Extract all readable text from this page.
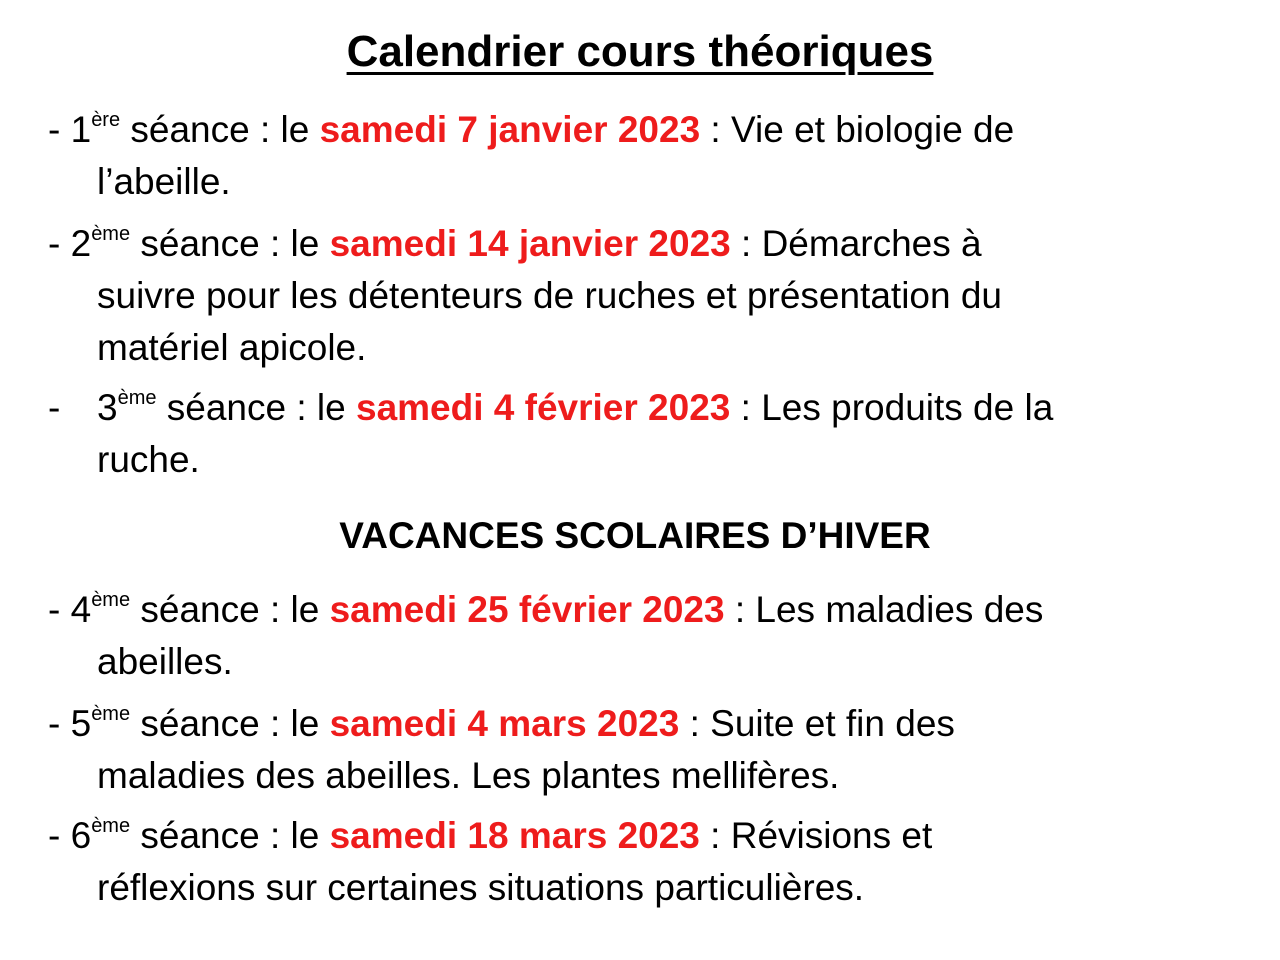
Calendrier cours théoriques
- 1ère séance : le samedi 7 janvier 2023 : Vie et biologie de
l’abeille.
- 2ème séance : le samedi 14 janvier 2023 : Démarches à
suivre pour les détenteurs de ruches et présentation du
matériel apicole.
- 3ème séance : le samedi 4 février 2023 : Les produits de la
ruche.
VACANCES SCOLAIRES D’HIVER
- 4ème séance : le samedi 25 février 2023 : Les maladies des
abeilles.
- 5ème séance : le samedi 4 mars 2023 : Suite et fin des
maladies des abeilles. Les plantes mellifères.
- 6ème séance : le samedi 18 mars 2023 : Révisions et
réflexions sur certaines situations particulières.
